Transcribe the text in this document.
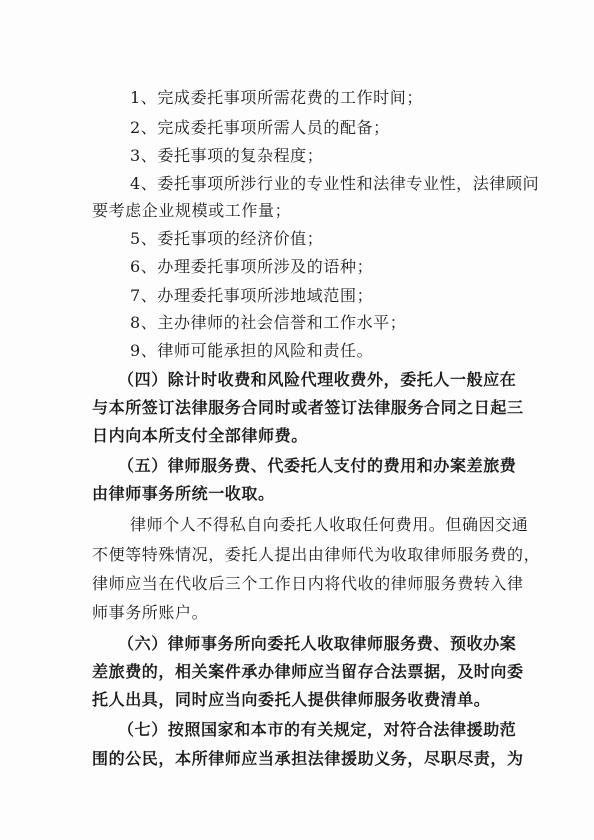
1、完成委托事项所需花费的工作时间；
2、完成委托事项所需人员的配备；
3、委托事项的复杂程度；
4、委托事项所涉行业的专业性和法律专业性，法律顾问
要考虑企业规模或工作量；
5、委托事项的经济价值；
6、办理委托事项所涉及的语种；
7、办理委托事项所涉地域范围；
8、主办律师的社会信誉和工作水平；
9、律师可能承担的风险和责任。
（四）除计时收费和风险代理收费外，委托人一般应在
与本所签订法律服务合同时或者签订法律服务合同之日起三
日内向本所支付全部律师费。
（五）律师服务费、代委托人支付的费用和办案差旅费
由律师事务所统一收取。
律师个人不得私自向委托人收取任何费用。但确因交通
不便等特殊情况，委托人提出由律师代为收取律师服务费的，
律师应当在代收后三个工作日内将代收的律师服务费转入律
师事务所账户。
（六）律师事务所向委托人收取律师服务费、预收办案
差旅费的，相关案件承办律师应当留存合法票据，及时向委
托人出具，同时应当向委托人提供律师服务收费清单。
（七）按照国家和本市的有关规定，对符合法律援助范
围的公民，本所律师应当承担法律援助义务，尽职尽责，为
